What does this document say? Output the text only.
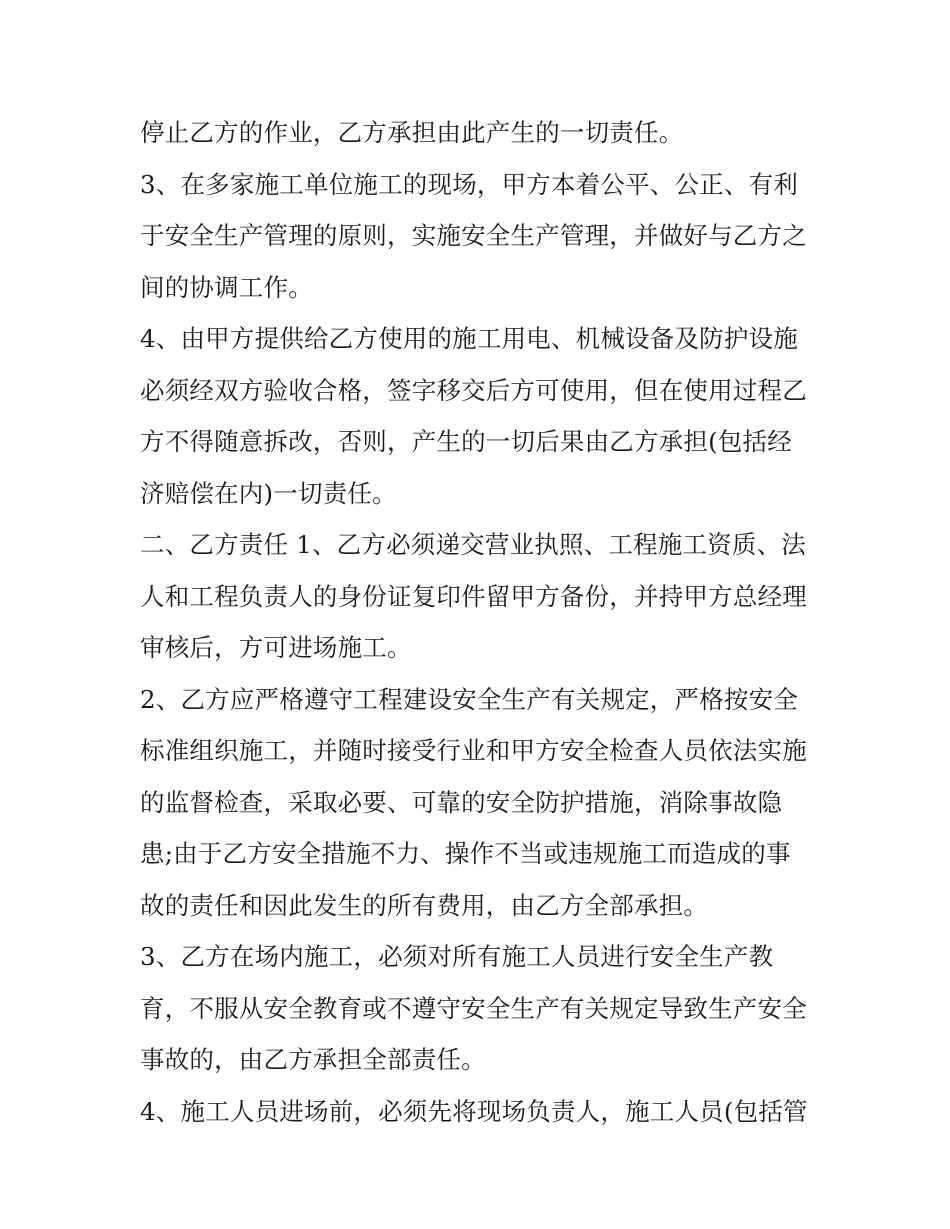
停止乙方的作业，乙方承担由此产生的一切责任。
3、在多家施工单位施工的现场，甲方本着公平、公正、有利
于安全生产管理的原则，实施安全生产管理，并做好与乙方之
间的协调工作。
4、由甲方提供给乙方使用的施工用电、机械设备及防护设施
必须经双方验收合格，签字移交后方可使用，但在使用过程乙
方不得随意拆改，否则，产生的一切后果由乙方承担(包括经
济赔偿在内)一切责任。
二、乙方责任 1、乙方必须递交营业执照、工程施工资质、法
人和工程负责人的身份证复印件留甲方备份，并持甲方总经理
审核后，方可进场施工。
2、乙方应严格遵守工程建设安全生产有关规定，严格按安全
标准组织施工，并随时接受行业和甲方安全检查人员依法实施
的监督检查，采取必要、可靠的安全防护措施，消除事故隐
患;由于乙方安全措施不力、操作不当或违规施工而造成的事
故的责任和因此发生的所有费用，由乙方全部承担。
3、乙方在场内施工，必须对所有施工人员进行安全生产教
育，不服从安全教育或不遵守安全生产有关规定导致生产安全
事故的，由乙方承担全部责任。
4、施工人员进场前，必须先将现场负责人，施工人员(包括管
